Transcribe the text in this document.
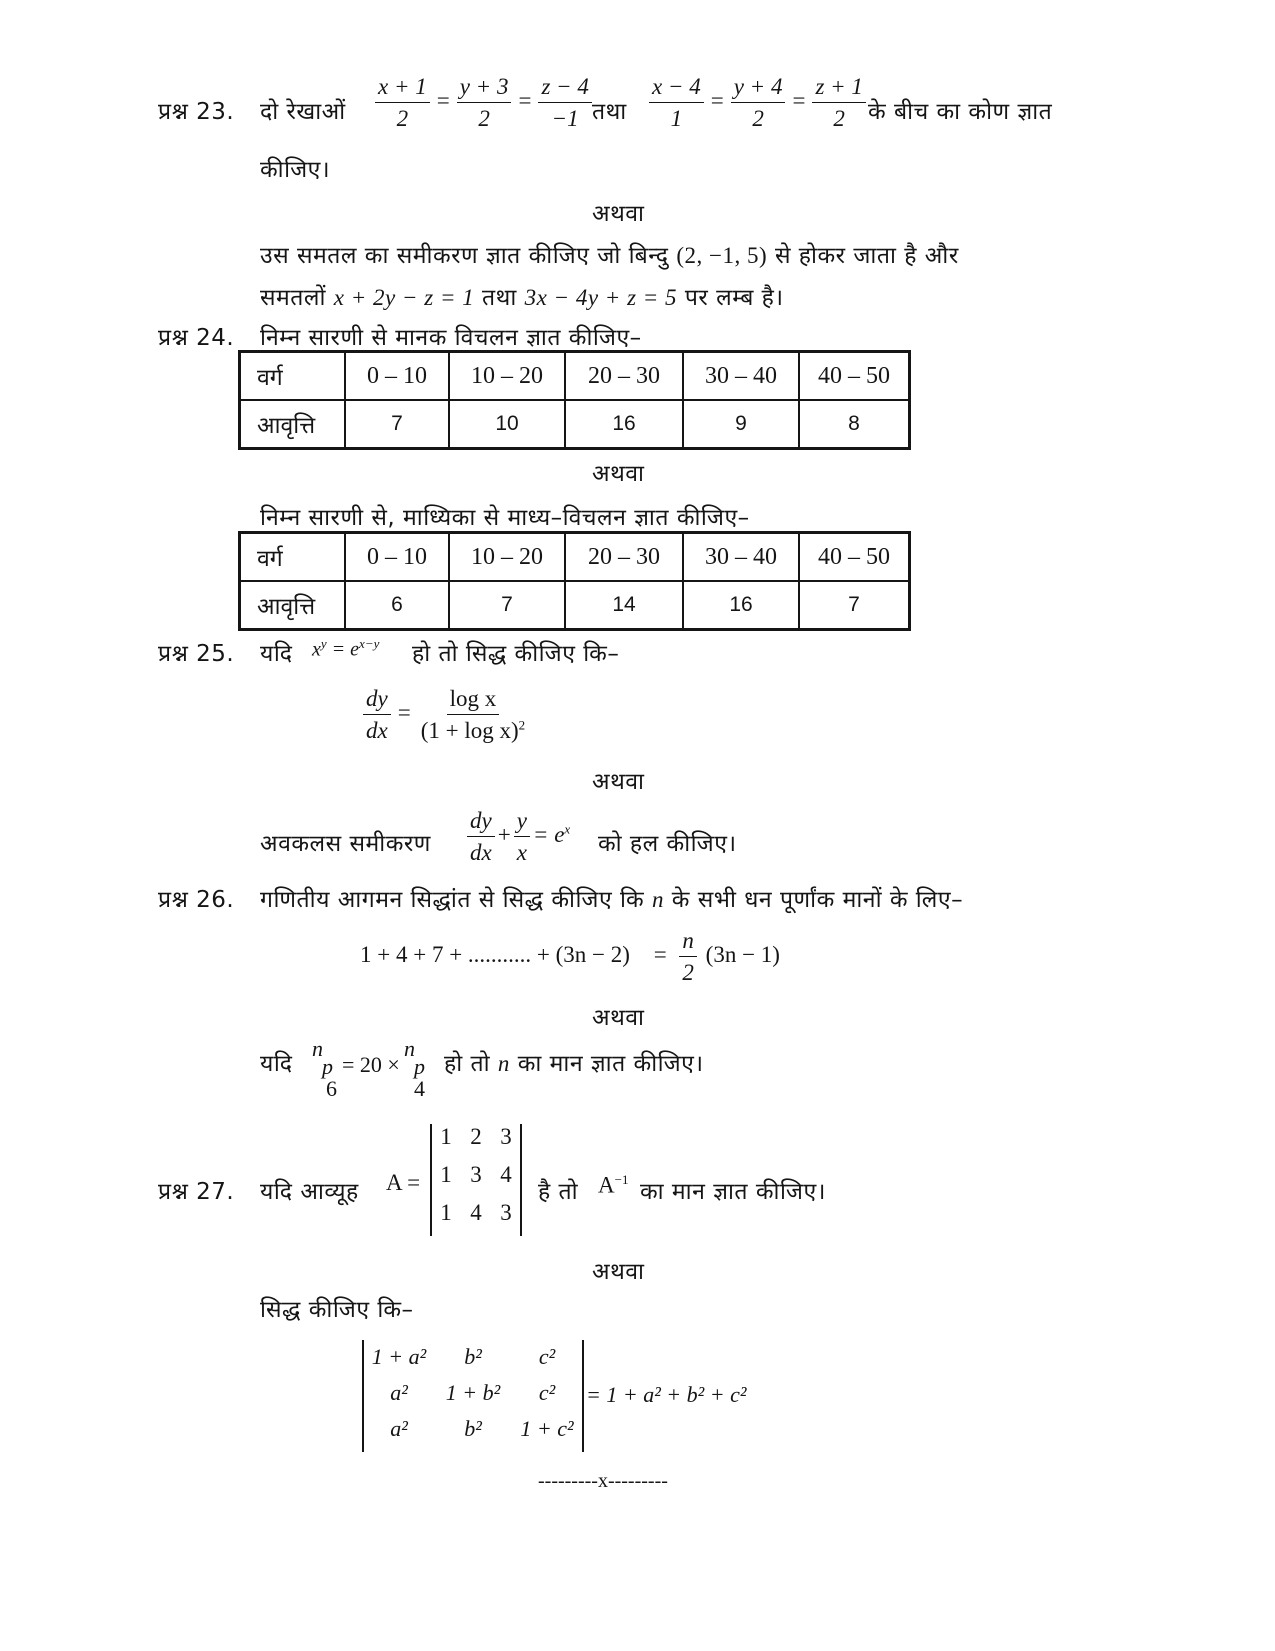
प्रश्न 23. दो रेखाओं $\frac{x + 1}{2} = \frac{y + 3}{2} = \frac{z - 4}{-1}$ तथा $\frac{x - 4}{1} = \frac{y + 4}{2} = \frac{z + 1}{2}$ के बीच का कोण ज्ञात
कीजिए।
अथवा
उस समतल का समीकरण ज्ञात कीजिए जो बिन्दु (2, −1, 5) से होकर जाता है और
समतलों x + 2y − z = 1 तथा 3x − 4y + z = 5 पर लम्ब है।
प्रश्न 24. निम्न सारणी से मानक विचलन ज्ञात कीजिए–
वर्ग	0 – 10	10 – 20	20 – 30	30 – 40	40 – 50
आवृत्ति	7	10	16	9	8
अथवा
निम्न सारणी से, माध्यिका से माध्य–विचलन ज्ञात कीजिए–
वर्ग	0 – 10	10 – 20	20 – 30	30 – 40	40 – 50
आवृत्ति	6	7	14	16	7
प्रश्न 25. यदि $x^y = e^{x-y}$ हो तो सिद्ध कीजिए कि–
$\frac{dy}{dx} = \frac{\text{log x}}{(1 + \log x)^2}$
अथवा
अवकलस समीकरण $\frac{dy}{dx} + \frac{y}{x} = e^x$
को हल कीजिए।
प्रश्न 26. गणितीय आगमन सिद्धांत से सिद्ध कीजिए कि n के सभी धन पूर्णांक मानों के लिए–
1 + 4 + 7 + ........... + $(3n - 2) = \frac{n}{2} (3n - 1)$
अथवा
यदि
n
p
6
= 20 ×
n
p
4
हो तो n का मान ज्ञात कीजिए।
प्रश्न 27. यदि आव्यूह A =
1 2 3
1 3 4
1 4 3
है तो $A^{-1}$ का मान ज्ञात कीजिए।
अथवा
सिद्ध कीजिए कि–
1 + a²	b²	c²
a²	1 + b²	c²
a²	b²	1 + c²
= 1 + a² + b² + c²
---------x---------
